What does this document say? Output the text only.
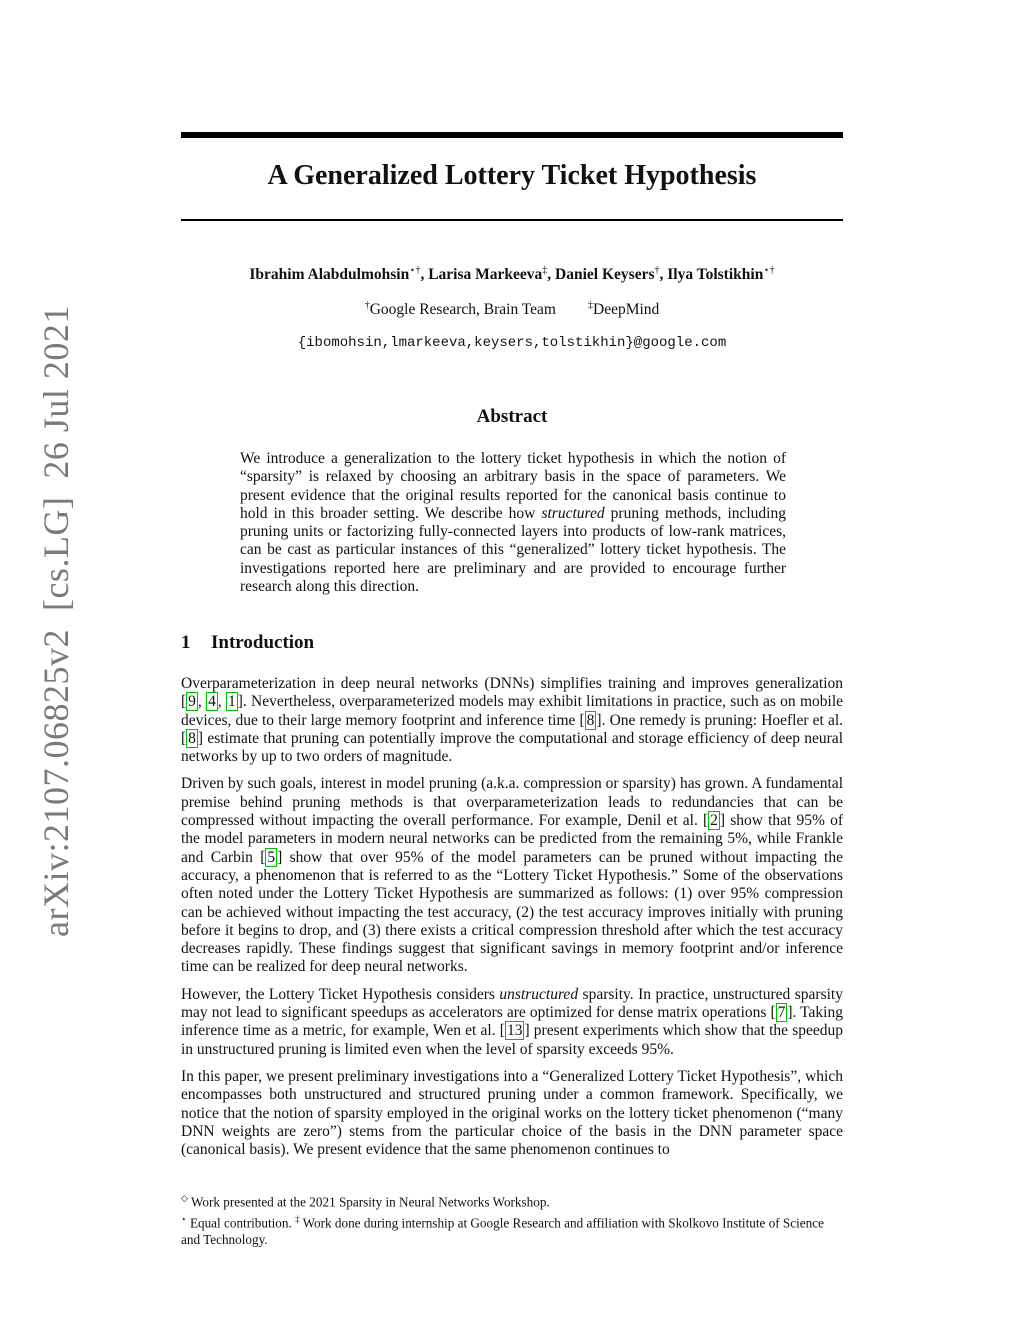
arXiv:2107.06825v2[cs.LG]26 Jul 2021
A Generalized Lottery Ticket Hypothesis
Ibrahim Alabdulmohsin⋆†, Larisa Markeeva‡, Daniel Keysers†, Ilya Tolstikhin⋆†
†Google Research, Brain Team	‡DeepMind
{ibomohsin,lmarkeeva,keysers,tolstikhin}@google.com
Abstract
We introduce a generalization to the lottery ticket hypothesis in which the notion of “sparsity” is relaxed by choosing an arbitrary basis in the space of parameters. We present evidence that the original results reported for the canonical basis continue to hold in this broader setting. We describe how structured pruning methods, including pruning units or factorizing fully-connected layers into products of low-rank matrices, can be cast as particular instances of this “generalized” lottery ticket hypothesis. The investigations reported here are preliminary and are provided to encourage further research along this direction.
1 Introduction

Overparameterization in deep neural networks (DNNs) simplifies training and improves generalization [ 9 , 4 , 1 ]. Nevertheless, overparameterized models may exhibit limitations in practice, such as on mobile devices, due to their large memory footprint and inference time [ 8 ]. One remedy is pruning: Hoefler et al. [ 8 ] estimate that pruning can potentially improve the computational and storage efficiency of deep neural networks by up to two orders of magnitude.

Driven by such goals, interest in model pruning (a.k.a. compression or sparsity) has grown. A fundamental premise behind pruning methods is that overparameterization leads to redundancies that can be compressed without impacting the overall performance. For example, Denil et al. [ 2 ] show that 95% of the model parameters in modern neural networks can be predicted from the remaining 5%, while Frankle and Carbin [ 5 ] show that over 95% of the model parameters can be pruned without impacting the accuracy, a phenomenon that is referred to as the “Lottery Ticket Hypothesis.” Some of the observations often noted under the Lottery Ticket Hypothesis are summarized as follows: (1) over 95% compression can be achieved without impacting the test accuracy, (2) the test accuracy improves initially with pruning before it begins to drop, and (3) there exists a critical compression threshold after which the test accuracy decreases rapidly. These findings suggest that significant savings in memory footprint and/or inference time can be realized for deep neural networks.

However, the Lottery Ticket Hypothesis considers unstructured sparsity. In practice, unstructured sparsity may not lead to significant speedups as accelerators are optimized for dense matrix operations [ 7 ]. Taking inference time as a metric, for example, Wen et al. [ 13 ] present experiments which show that the speedup in unstructured pruning is limited even when the level of sparsity exceeds 95%.

In this paper, we present preliminary investigations into a “Generalized Lottery Ticket Hypothesis”, which encompasses both unstructured and structured pruning under a common framework. Specifically, we notice that the notion of sparsity employed in the original works on the lottery ticket phenomenon (“many DNN weights are zero”) stems from the particular choice of the basis in the DNN parameter space (canonical basis). We present evidence that the same phenomenon continues to

◇ Work presented at the 2021 Sparsity in Neural Networks Workshop.
⋆ Equal contribution. ‡ Work done during internship at Google Research and affiliation with Skolkovo Institute of Science and Technology.
